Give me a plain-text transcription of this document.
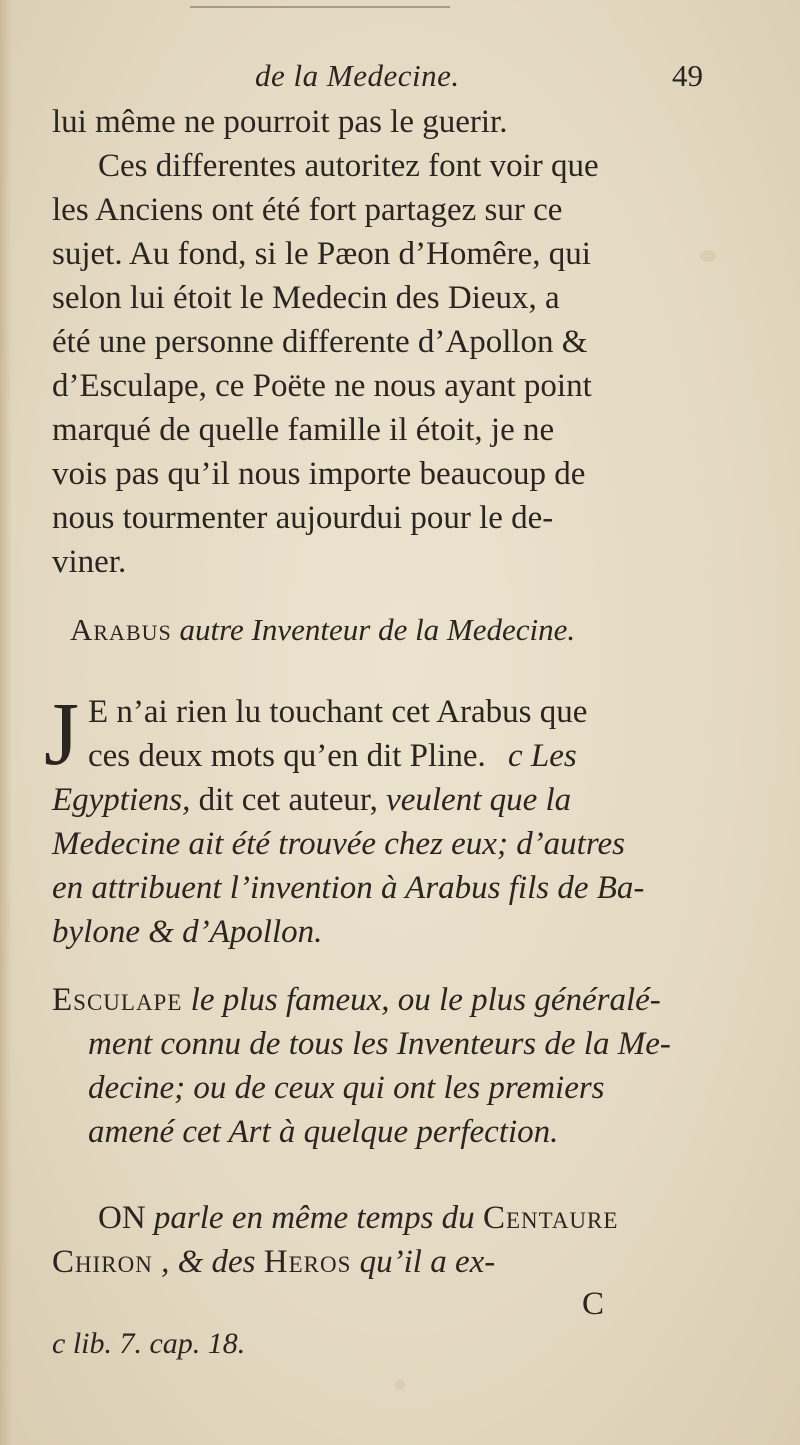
de la Medecine.	49
lui même ne pourroit pas le guerir.
Ces differentes autoritez font voir que
les Anciens ont été fort partagez sur ce
sujet. Au fond, si le Pæon d’Homêre, qui
selon lui étoit le Medecin des Dieux, a
été une personne differente d’Apollon &
d’Esculape, ce Poëte ne nous ayant point
marqué de quelle famille il étoit, je ne
vois pas qu’il nous importe beaucoup de
nous tourmenter aujourdui pour le de-
viner.
Arabus autre Inventeur de la Medecine.
J E n’ai rien lu touchant cet Arabus que
ces deux mots qu’en dit Pline. c Les
Egyptiens, dit cet auteur, veulent que la
Medecine ait été trouvée chez eux; d’autres
en attribuent l’invention à Arabus fils de Ba-
bylone & d’Apollon.
Esculape le plus fameux, ou le plus généralé-
ment connu de tous les Inventeurs de la Me-
decine; ou de ceux qui ont les premiers
amené cet Art à quelque perfection.
ON parle en même temps du Centaure
Chiron , & des Heros qu’il a ex-
C
c lib. 7. cap. 18.
